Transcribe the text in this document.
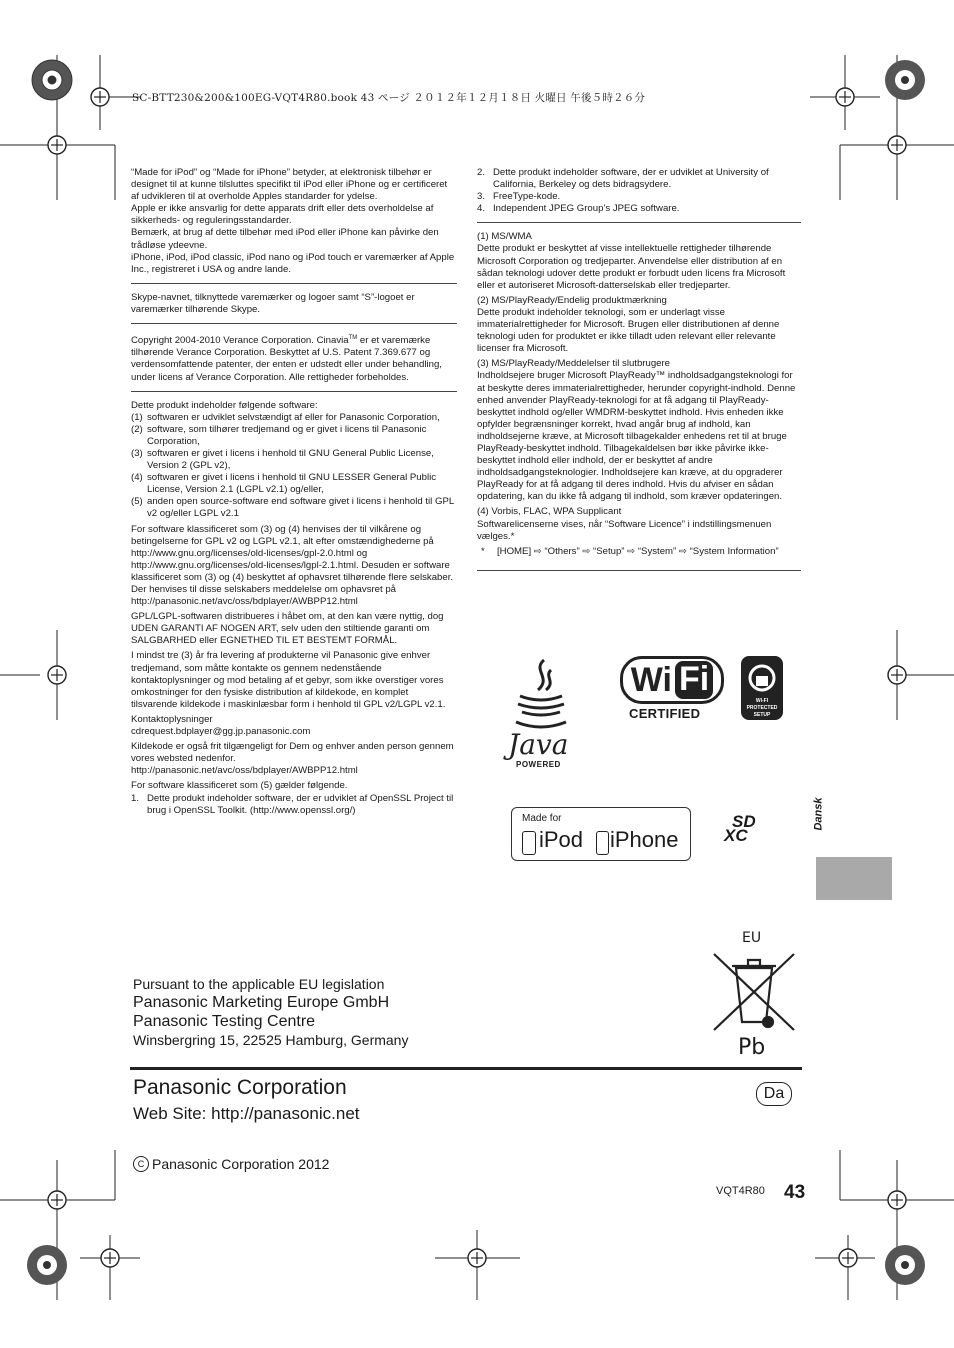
SC-BTT230&200&100EG-VQT4R80.book 43 ページ ２０１２年１２月１８日 火曜日 午後５時２６分

“Made for iPod” og “Made for iPhone” betyder, at elektronisk tilbehør er designet til at kunne tilsluttes specifikt til iPod eller iPhone og er certificeret af udvikleren til at overholde Apples standarder for ydelse.

Apple er ikke ansvarlig for dette apparats drift eller dets overholdelse af sikkerheds- og reguleringsstandarder.

Bemærk, at brug af dette tilbehør med iPod eller iPhone kan påvirke den trådløse ydeevne.

iPhone, iPod, iPod classic, iPod nano og iPod touch er varemærker af Apple Inc., registreret i USA og andre lande.

Skype-navnet, tilknyttede varemærker og logoer samt “S”-logoet er varemærker tilhørende Skype.

Copyright 2004-2010 Verance Corporation. Cinavia™ er et varemærke tilhørende Verance Corporation. Beskyttet af U.S. Patent 7.369.677 og verdensomfattende patenter, der enten er udstedt eller under behandling, under licens af Verance Corporation. Alle rettigheder forbeholdes.

Dette produkt indeholder følgende software:

(1) softwaren er udviklet selvstændigt af eller for Panasonic Corporation,
(2) software, som tilhører tredjemand og er givet i licens til Panasonic Corporation,
(3) softwaren er givet i licens i henhold til GNU General Public License, Version 2 (GPL v2),
(4) softwaren er givet i licens i henhold til GNU LESSER General Public License, Version 2.1 (LGPL v2.1) og/eller,
(5) anden open source-software end software givet i licens i henhold til GPL v2 og/eller LGPL v2.1

For software klassificeret som (3) og (4) henvises der til vilkårene og betingelserne for GPL v2 og LGPL v2.1, alt efter omstændighederne på http://www.gnu.org/licenses/old-licenses/gpl-2.0.html og http://www.gnu.org/licenses/old-licenses/lgpl-2.1.html. Desuden er software klassificeret som (3) og (4) beskyttet af ophavsret tilhørende flere selskaber. Der henvises til disse selskabers meddelelse om ophavsret på http://panasonic.net/avc/oss/bdplayer/AWBPP12.html

GPL/LGPL-softwaren distribueres i håbet om, at den kan være nyttig, dog UDEN GARANTI AF NOGEN ART, selv uden den stiltiende garanti om SALGBARHED eller EGNETHED TIL ET BESTEMT FORMÅL.

I mindst tre (3) år fra levering af produkterne vil Panasonic give enhver tredjemand, som måtte kontakte os gennem nedenstående kontaktoplysninger og mod betaling af et gebyr, som ikke overstiger vores omkostninger for den fysiske distribution af kildekode, en komplet tilsvarende kildekode i maskinlæsbar form i henhold til GPL v2/LGPL v2.1.

Kontaktoplysninger

cdrequest.bdplayer@gg.jp.panasonic.com

Kildekode er også frit tilgængeligt for Dem og enhver anden person gennem vores websted nedenfor. http://panasonic.net/avc/oss/bdplayer/AWBPP12.html

For software klassificeret som (5) gælder følgende.

1. Dette produkt indeholder software, der er udviklet af OpenSSL Project til brug i OpenSSL Toolkit. (http://www.openssl.org/)
2. Dette produkt indeholder software, der er udviklet at University of California, Berkeley og dets bidragsydere.
3. FreeType-kode.
4. Independent JPEG Group’s JPEG software.

(1) MS/WMA

Dette produkt er beskyttet af visse intellektuelle rettigheder tilhørende Microsoft Corporation og tredjeparter. Anvendelse eller distribution af en sådan teknologi udover dette produkt er forbudt uden licens fra Microsoft eller et autoriseret Microsoft-datterselskab eller tredjeparter.

(2) MS/PlayReady/Endelig produktmærkning

Dette produkt indeholder teknologi, som er underlagt visse immaterialrettigheder for Microsoft. Brugen eller distributionen af denne teknologi uden for produktet er ikke tilladt uden relevant eller relevante licenser fra Microsoft.

(3) MS/PlayReady/Meddelelser til slutbrugere

Indholdsejere bruger Microsoft PlayReady™ indholdsadgangsteknologi for at beskytte deres immaterialrettigheder, herunder copyright-indhold. Denne enhed anvender PlayReady-teknologi for at få adgang til PlayReady-beskyttet indhold og/eller WMDRM-beskyttet indhold. Hvis enheden ikke opfylder begrænsninger korrekt, hvad angår brug af indhold, kan indholdsejerne kræve, at Microsoft tilbagekalder enhedens ret til at bruge PlayReady-beskyttet indhold. Tilbagekaldelsen bør ikke påvirke ikke-beskyttet indhold eller indhold, der er beskyttet af andre indholdsadgangsteknologier. Indholdsejere kan kræve, at du opgraderer PlayReady for at få adgang til deres indhold. Hvis du afviser en sådan opdatering, kan du ikke få adgang til indhold, som kræver opdateringen.

(4) Vorbis, FLAC, WPA Supplicant

Softwarelicenserne vises, når “Software Licence” i indstillingsmenuen vælges.*

*	[HOME] ⇨ “Others” ⇨ “Setup” ⇨ “System” ⇨ “System Information”
Java
POWERED
Wi Fi
CERTIFIED
WI-FI PROTECTED SETUP
Made for
iPod iPhone
SD
XC
Dansk
EU
Pb
Pursuant to the applicable EU legislation
Panasonic Marketing Europe GmbH
Panasonic Testing Centre
Winsbergring 15, 22525 Hamburg, Germany
Panasonic Corporation
Web Site: http://panasonic.net
Da
C Panasonic Corporation 2012
VQT4R80 43
